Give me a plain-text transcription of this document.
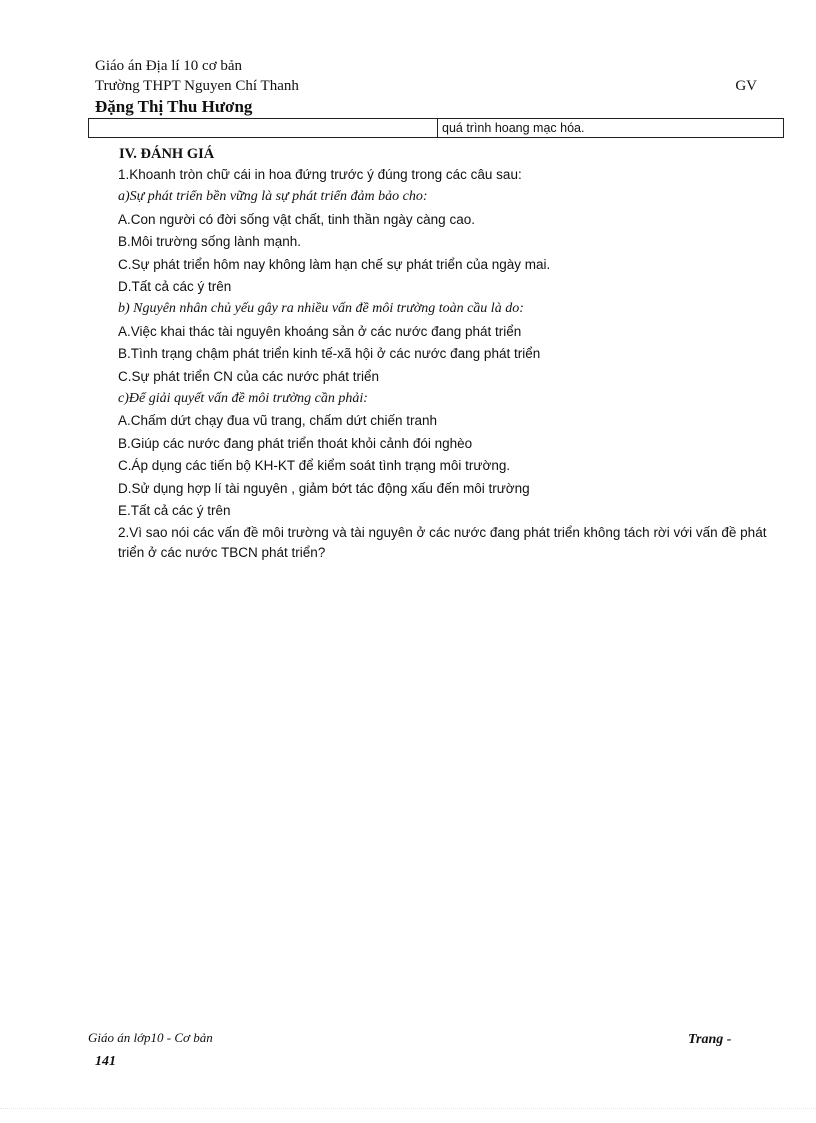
Giáo án Địa lí 10 cơ bản
Trường THPT Nguyen Chí Thanh	GV
Đặng Thị Thu Hương
quá trình hoang mạc hóa.
IV. ĐÁNH GIÁ
1.Khoanh tròn chữ cái in hoa đứng trước ý đúng trong các câu sau:
a)Sự phát triển bền vững là sự phát triển đảm bảo cho:
A.Con người có đời sống vật chất, tinh thần ngày càng cao.
B.Môi trường sống lành mạnh.
C.Sự phát triển hôm nay không làm hạn chế sự phát triển của ngày mai.
D.Tất cả các ý trên
b) Nguyên nhân chủ yếu gây ra nhiều vấn đề môi trường toàn cầu là do:
A.Việc khai thác tài nguyên khoáng sản ở các nước đang phát triển
B.Tình trạng chậm phát triển kinh tế-xã hội ở các nước đang phát triển
C.Sự phát triển CN của các nước phát triển
c)Để giải quyết vấn đề môi trường cần phải:
A.Chấm dứt chạy đua vũ trang, chấm dứt chiến tranh
B.Giúp các nước đang phát triển thoát khỏi cảnh đói nghèo
C.Áp dụng các tiến bộ KH-KT để kiểm soát tình trạng môi trường.
D.Sử dụng hợp lí tài nguyên , giảm bớt tác động xấu đến môi trường
E.Tất cả các ý trên
2.Vì sao nói các vấn đề môi trường và tài nguyên ở các nước đang phát triển không tách rời với vấn đề phát triển ở các nước TBCN phát triển?
Giáo án lớp10 - Cơ bản
141
Trang -
